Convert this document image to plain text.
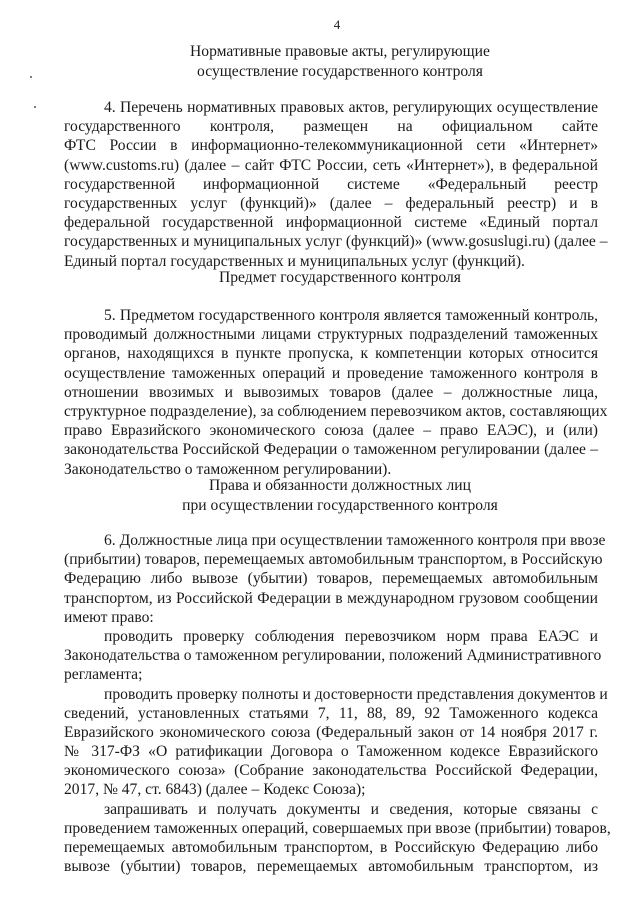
4
Нормативные правовые акты, регулирующие
осуществление государственного контроля
4. Перечень нормативных правовых актов, регулирующих осуществление
государственного контроля, размещен на официальном сайте
ФТС России в информационно-телекоммуникационной сети «Интернет»
(www.customs.ru) (далее – сайт ФТС России, сеть «Интернет»), в федеральной
государственной информационной системе «Федеральный реестр
государственных услуг (функций)» (далее – федеральный реестр) и в
федеральной государственной информационной системе «Единый портал
государственных и муниципальных услуг (функций)» (www.gosuslugi.ru) (далее –
Единый портал государственных и муниципальных услуг (функций).
Предмет государственного контроля
5. Предметом государственного контроля является таможенный контроль,
проводимый должностными лицами структурных подразделений таможенных
органов, находящихся в пункте пропуска, к компетенции которых относится
осуществление таможенных операций и проведение таможенного контроля в
отношении ввозимых и вывозимых товаров (далее – должностные лица,
структурное подразделение), за соблюдением перевозчиком актов, составляющих
право Евразийского экономического союза (далее – право ЕАЭС), и (или)
законодательства Российской Федерации о таможенном регулировании (далее –
Законодательство о таможенном регулировании).
Права и обязанности должностных лиц
при осуществлении государственного контроля
6. Должностные лица при осуществлении таможенного контроля при ввозе
(прибытии) товаров, перемещаемых автомобильным транспортом, в Российскую
Федерацию либо вывозе (убытии) товаров, перемещаемых автомобильным
транспортом, из Российской Федерации в международном грузовом сообщении
имеют право:
проводить проверку соблюдения перевозчиком норм права ЕАЭС и
Законодательства о таможенном регулировании, положений Административного
регламента;
проводить проверку полноты и достоверности представления документов и
сведений, установленных статьями 7, 11, 88, 89, 92 Таможенного кодекса
Евразийского экономического союза (Федеральный закон от 14 ноября 2017 г.
№ 317-ФЗ «О ратификации Договора о Таможенном кодексе Евразийского
экономического союза» (Собрание законодательства Российской Федерации,
2017, № 47, ст. 6843) (далее – Кодекс Союза);
запрашивать и получать документы и сведения, которые связаны с
проведением таможенных операций, совершаемых при ввозе (прибытии) товаров,
перемещаемых автомобильным транспортом, в Российскую Федерацию либо
вывозе (убытии) товаров, перемещаемых автомобильным транспортом, из
